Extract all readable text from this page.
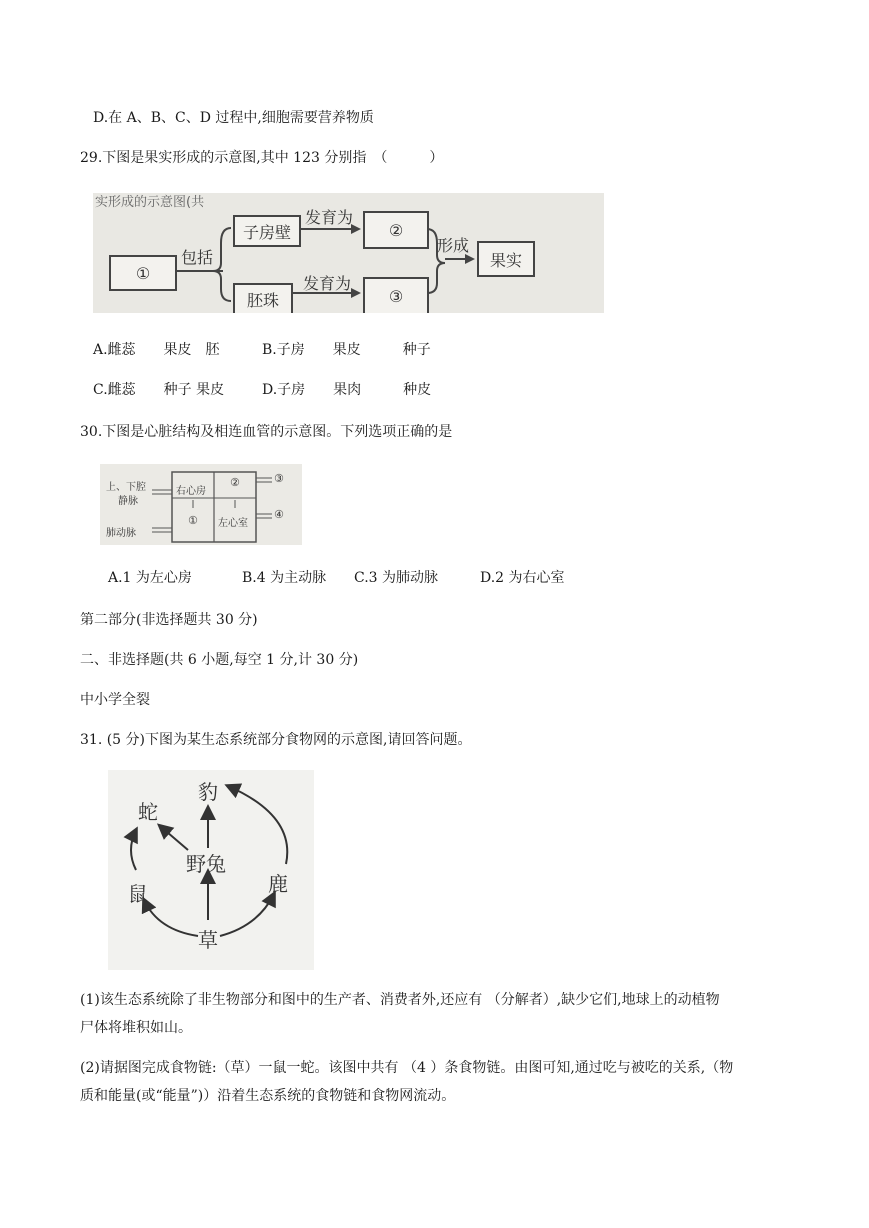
D.在 A、B、C、D 过程中,细胞需要营养物质
29.下图是果实形成的示意图,其中 123 分别指　（　　　）
实形成的示意图(共
①
包括
子房壁
发育为
②
胚珠
发育为
③
形成
果实
A.雌蕊　　果皮　胚	B.子房　　果皮　　　种子
C.雌蕊　　种子 果皮	D.子房　　果肉　　　种皮
30.下图是心脏结构及相连血管的示意图。下列选项正确的是
上、下腔
静脉
右心房
②	③
① 左心室
④
肺动脉
A.1 为左心房	B.4 为主动脉 C.3 为肺动脉	D.2 为右心室
第二部分(非选择题共 30 分)
二、非选择题(共 6 小题,每空 1 分,计 30 分)
中小学全裂
31. (5 分)下图为某生态系统部分食物网的示意图,请回答问题。
豹
蛇
野兔
鹿
鼠
草
(1)该生态系统除了非生物部分和图中的生产者、消费者外,还应有 （分解者）,缺少它们,地球上的动植物
尸体将堆积如山。
(2)请据图完成食物链:（草）一鼠一蛇。该图中共有 （4 ）条食物链。由图可知,通过吃与被吃的关系,（物
质和能量(或“能量”)）沿着生态系统的食物链和食物网流动。
